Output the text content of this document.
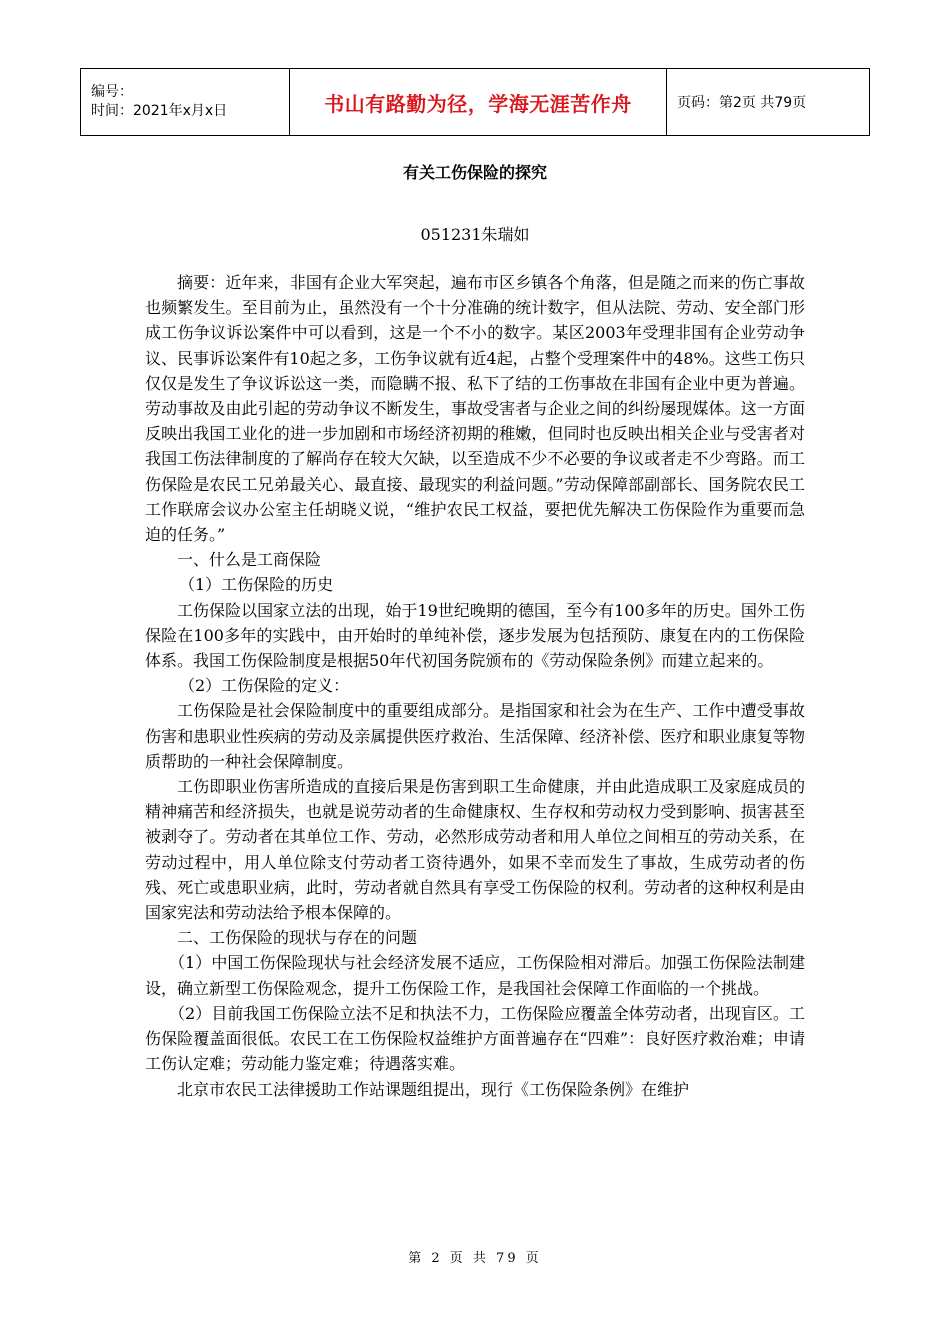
编号：
时间：2021年x月x日	书山有路勤为径，学海无涯苦作舟	页码：第2页 共79页
有关工伤保险的探究
051231朱瑞如

摘要：近年来，非国有企业大军突起，遍布市区乡镇各个角落，但是随之而来的伤亡事故也频繁发生。至目前为止，虽然没有一个十分准确的统计数字，但从法院、劳动、安全部门形成工伤争议诉讼案件中可以看到，这是一个不小的数字。某区2003年受理非国有企业劳动争议、民事诉讼案件有10起之多，工伤争议就有近4起，占整个受理案件中的48%。这些工伤只仅仅是发生了争议诉讼这一类，而隐瞒不报、私下了结的工伤事故在非国有企业中更为普遍。劳动事故及由此引起的劳动争议不断发生，事故受害者与企业之间的纠纷屡现媒体。这一方面反映出我国工业化的进一步加剧和市场经济初期的稚嫩，但同时也反映出相关企业与受害者对我国工伤法律制度的了解尚存在较大欠缺，以至造成不少不必要的争议或者走不少弯路。而工伤保险是农民工兄弟最关心、最直接、最现实的利益问题。”劳动保障部副部长、国务院农民工工作联席会议办公室主任胡晓义说，“维护农民工权益，要把优先解决工伤保险作为重要而急迫的任务。”

一、什么是工商保险

（1）工伤保险的历史

工伤保险以国家立法的出现，始于19世纪晚期的德国，至今有100多年的历史。国外工伤保险在100多年的实践中，由开始时的单纯补偿，逐步发展为包括预防、康复在内的工伤保险体系。我国工伤保险制度是根据50年代初国务院颁布的《劳动保险条例》而建立起来的。

（2）工伤保险的定义：

工伤保险是社会保险制度中的重要组成部分。是指国家和社会为在生产、工作中遭受事故伤害和患职业性疾病的劳动及亲属提供医疗救治、生活保障、经济补偿、医疗和职业康复等物质帮助的一种社会保障制度。

工伤即职业伤害所造成的直接后果是伤害到职工生命健康，并由此造成职工及家庭成员的精神痛苦和经济损失，也就是说劳动者的生命健康权、生存权和劳动权力受到影响、损害甚至被剥夺了。劳动者在其单位工作、劳动，必然形成劳动者和用人单位之间相互的劳动关系，在劳动过程中，用人单位除支付劳动者工资待遇外，如果不幸而发生了事故，生成劳动者的伤残、死亡或患职业病，此时，劳动者就自然具有享受工伤保险的权利。劳动者的这种权利是由国家宪法和劳动法给予根本保障的。

二、工伤保险的现状与存在的问题

（1）中国工伤保险现状与社会经济发展不适应，工伤保险相对滞后。加强工伤保险法制建设，确立新型工伤保险观念，提升工伤保险工作，是我国社会保障工作面临的一个挑战。

（2）目前我国工伤保险立法不足和执法不力，工伤保险应覆盖全体劳动者，出现盲区。工伤保险覆盖面很低。农民工在工伤保险权益维护方面普遍存在“四难”：良好医疗救治难；申请工伤认定难；劳动能力鉴定难；待遇落实难。

北京市农民工法律援助工作站课题组提出，现行《工伤保险条例》在维护

第 2 页 共 79 页
